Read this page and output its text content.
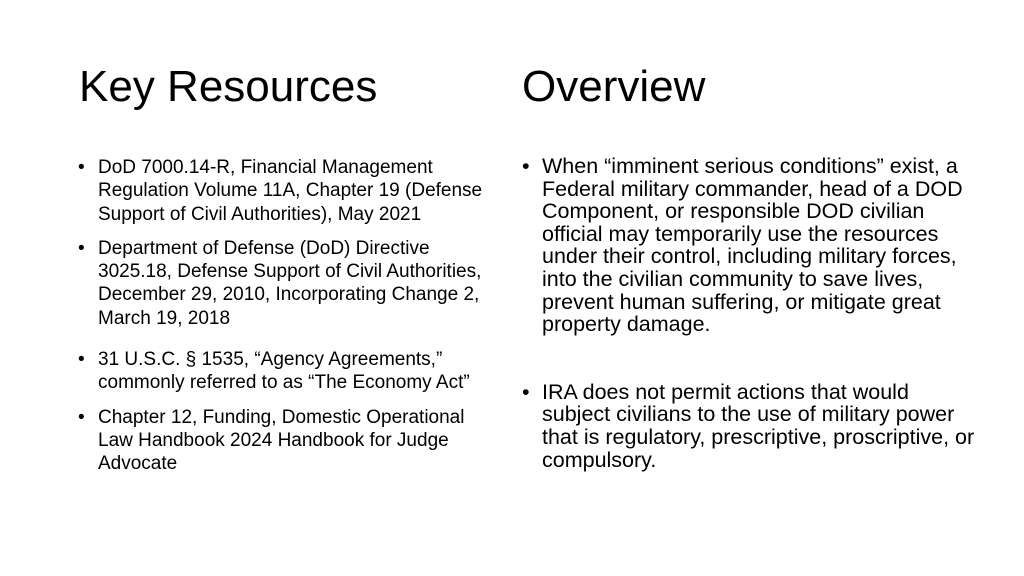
Key Resources	Overview
• DoD 7000.14-R, Financial Management Regulation Volume 11A, Chapter 19 (Defense Support of Civil Authorities), May 2021
• Department of Defense (DoD) Directive 3025.18, Defense Support of Civil Authorities, December 29, 2010, Incorporating Change 2, March 19, 2018
• 31 U.S.C. § 1535, “Agency Agreements,” commonly referred to as “The Economy Act”
• Chapter 12, Funding, Domestic Operational Law Handbook 2024 Handbook for Judge Advocate
• When “imminent serious conditions” exist, a Federal military commander, head of a DOD Component, or responsible DOD civilian official may temporarily use the resources under their control, including military forces, into the civilian community to save lives, prevent human suffering, or mitigate great property damage.
• IRA does not permit actions that would subject civilians to the use of military power that is regulatory, prescriptive, proscriptive, or compulsory.
